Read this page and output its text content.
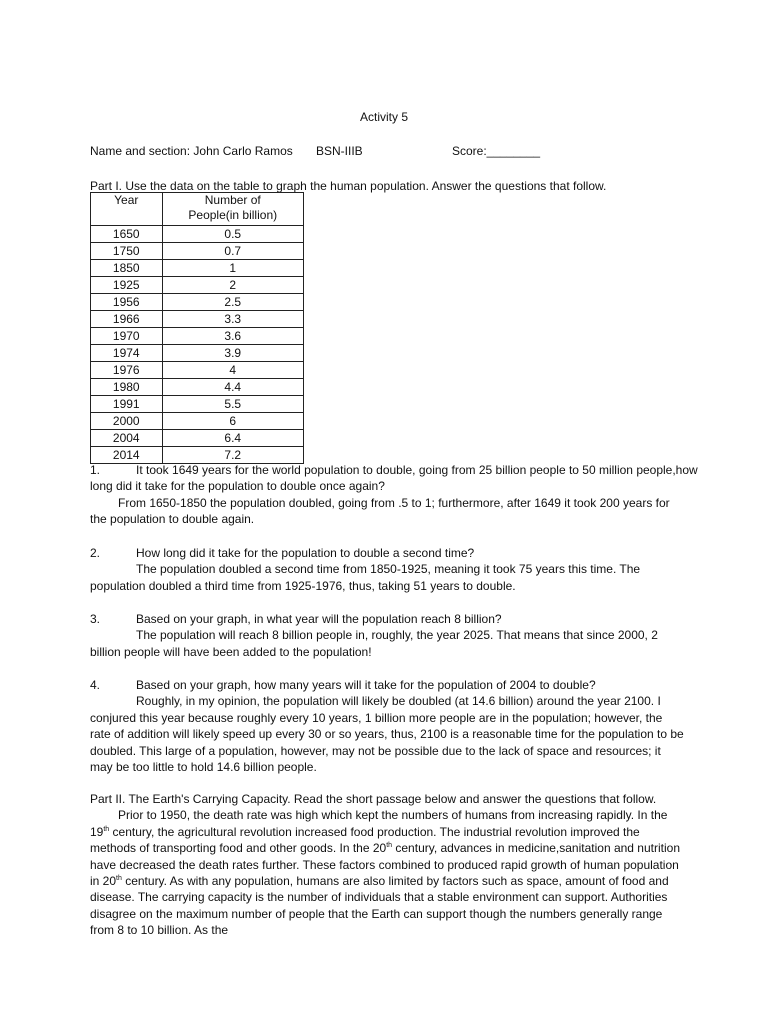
Activity 5
Name and section: John Carlo Ramos BSN-IIIB	Score:________
Part I. Use the data on the table to graph the human population. Answer the questions that follow.
Year	Number of People(in billion)
1650	0.5
1750	0.7
1850	1
1925	2
1956	2.5
1966	3.3
1970	3.6
1974	3.9
1976	4
1980	4.4
1991	5.5
2000	6
2004	6.4
2014	7.2
1.	It took 1649 years for the world population to double, going from 25 billion people to 50 million people,how

long did it take for the population to double once again?

From 1650-1850 the population doubled, going from .5 to 1; furthermore, after 1649 it took 200 years for the population to double again.

2.	How long did it take for the population to double a second time?

The population doubled a second time from 1850-1925, meaning it took 75 years this time. The population doubled a third time from 1925-1976, thus, taking 51 years to double.

3.	Based on your graph, in what year will the population reach 8 billion?

The population will reach 8 billion people in, roughly, the year 2025. That means that since 2000, 2 billion people will have been added to the population!

4.	Based on your graph, how many years will it take for the population of 2004 to double?

Roughly, in my opinion, the population will likely be doubled (at 14.6 billion) around the year 2100. I conjured this year because roughly every 10 years, 1 billion more people are in the population; however, the rate of addition will likely speed up every 30 or so years, thus, 2100 is a reasonable time for the population to be doubled. This large of a population, however, may not be possible due to the lack of space and resources; it may be too little to hold 14.6 billion people.

Part II. The Earth's Carrying Capacity. Read the short passage below and answer the questions that follow.

Prior to 1950, the death rate was high which kept the numbers of humans from increasing rapidly. In the 19th century, the agricultural revolution increased food production. The industrial revolution improved the methods of transporting food and other goods. In the 20th century, advances in medicine,sanitation and nutrition have decreased the death rates further. These factors combined to produced rapid growth of human population in 20th century. As with any population, humans are also limited by factors such as space, amount of food and disease. The carrying capacity is the number of individuals that a stable environment can support. Authorities disagree on the maximum number of people that the Earth can support though the numbers generally range from 8 to 10 billion. As the
